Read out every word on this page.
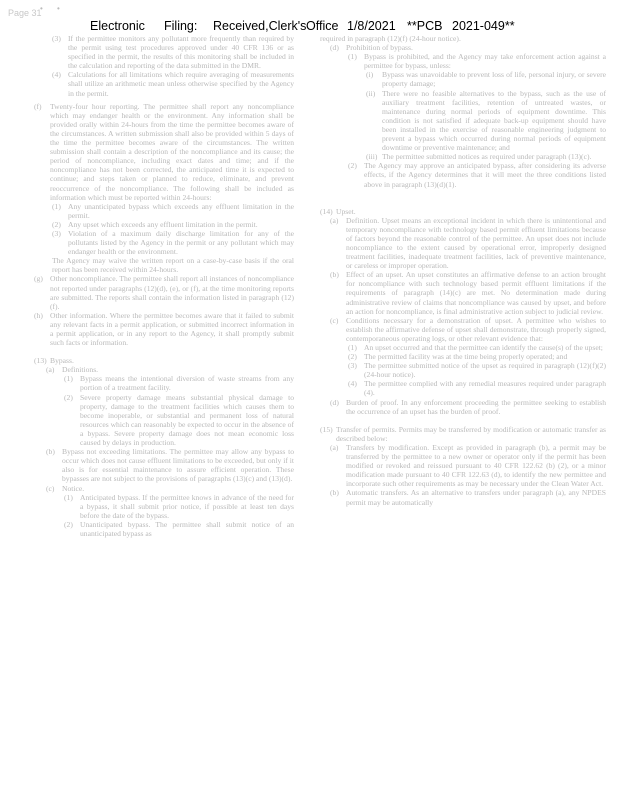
Page 31
• •
Electronic Filing: Received,Clerk's Office 1/8/2021 **PCB 2021-049**
(3) If the permittee monitors any pollutant more frequently than required by the permit using test procedures approved under 40 CFR 136 or as specified in the permit, the results of this monitoring shall be included in the calculation and reporting of the data submitted in the DMR.
(4) Calculations for all limitations which require averaging of measurements shall utilize an arithmetic mean unless otherwise specified by the Agency in the permit.
(f) Twenty-four hour reporting. The permittee shall report any noncompliance which may endanger health or the environment. Any information shall be provided orally within 24-hours from the time the permittee becomes aware of the circumstances. A written submission shall also be provided within 5 days of the time the permittee becomes aware of the circumstances. The written submission shall contain a description of the noncompliance and its cause; the period of noncompliance, including exact dates and time; and if the noncompliance has not been corrected, the anticipated time it is expected to continue; and steps taken or planned to reduce, eliminate, and prevent reoccurrence of the noncompliance. The following shall be included as information which must be reported within 24-hours:
(1) Any unanticipated bypass which exceeds any effluent limitation in the permit.
(2) Any upset which exceeds any effluent limitation in the permit.
(3) Violation of a maximum daily discharge limitation for any of the pollutants listed by the Agency in the permit or any pollutant which may endanger health or the environment.
The Agency may waive the written report on a case-by-case basis if the oral report has been received within 24-hours.
(g) Other noncompliance. The permittee shall report all instances of noncompliance not reported under paragraphs (12)(d), (e), or (f), at the time monitoring reports are submitted. The reports shall contain the information listed in paragraph (12)(f).
(h) Other information. Where the permittee becomes aware that it failed to submit any relevant facts in a permit application, or submitted incorrect information in a permit application, or in any report to the Agency, it shall promptly submit such facts or information.
(13) Bypass.
(a) Definitions.
(1) Bypass means the intentional diversion of waste streams from any portion of a treatment facility.
(2) Severe property damage means substantial physical damage to property, damage to the treatment facilities which causes them to become inoperable, or substantial and permanent loss of natural resources which can reasonably be expected to occur in the absence of a bypass. Severe property damage does not mean economic loss caused by delays in production.
(b) Bypass not exceeding limitations. The permittee may allow any bypass to occur which does not cause effluent limitations to be exceeded, but only if it also is for essential maintenance to assure efficient operation. These bypasses are not subject to the provisions of paragraphs (13)(c) and (13)(d).
(c) Notice.
(1) Anticipated bypass. If the permittee knows in advance of the need for a bypass, it shall submit prior notice, if possible at least ten days before the date of the bypass.
(2) Unanticipated bypass. The permittee shall submit notice of an unanticipated bypass as
required in paragraph (12)(f) (24-hour notice).
(d) Prohibition of bypass.
(1) Bypass is prohibited, and the Agency may take enforcement action against a permittee for bypass, unless:
(i) Bypass was unavoidable to prevent loss of life, personal injury, or severe property damage;
(ii) There were no feasible alternatives to the bypass, such as the use of auxiliary treatment facilities, retention of untreated wastes, or maintenance during normal periods of equipment downtime. This condition is not satisfied if adequate back-up equipment should have been installed in the exercise of reasonable engineering judgment to prevent a bypass which occurred during normal periods of equipment downtime or preventive maintenance; and
(iii) The permittee submitted notices as required under paragraph (13)(c).
(2) The Agency may approve an anticipated bypass, after considering its adverse effects, if the Agency determines that it will meet the three conditions listed above in paragraph (13)(d)(1).
(14) Upset.
(a) Definition. Upset means an exceptional incident in which there is unintentional and temporary noncompliance with technology based permit effluent limitations because of factors beyond the reasonable control of the permittee. An upset does not include noncompliance to the extent caused by operational error, improperly designed treatment facilities, inadequate treatment facilities, lack of preventive maintenance, or careless or improper operation.
(b) Effect of an upset. An upset constitutes an affirmative defense to an action brought for noncompliance with such technology based permit effluent limitations if the requirements of paragraph (14)(c) are met. No determination made during administrative review of claims that noncompliance was caused by upset, and before an action for noncompliance, is final administrative action subject to judicial review.
(c) Conditions necessary for a demonstration of upset. A permittee who wishes to establish the affirmative defense of upset shall demonstrate, through properly signed, contemporaneous operating logs, or other relevant evidence that:
(1) An upset occurred and that the permittee can identify the cause(s) of the upset;
(2) The permitted facility was at the time being properly operated; and
(3) The permittee submitted notice of the upset as required in paragraph (12)(f)(2) (24-hour notice).
(4) The permittee complied with any remedial measures required under paragraph (4).
(d) Burden of proof. In any enforcement proceeding the permittee seeking to establish the occurrence of an upset has the burden of proof.
(15) Transfer of permits. Permits may be transferred by modification or automatic transfer as described below:
(a) Transfers by modification. Except as provided in paragraph (b), a permit may be transferred by the permittee to a new owner or operator only if the permit has been modified or revoked and reissued pursuant to 40 CFR 122.62 (b) (2), or a minor modification made pursuant to 40 CFR 122.63 (d), to identify the new permittee and incorporate such other requirements as may be necessary under the Clean Water Act.
(b) Automatic transfers. As an alternative to transfers under paragraph (a), any NPDES permit may be automatically
